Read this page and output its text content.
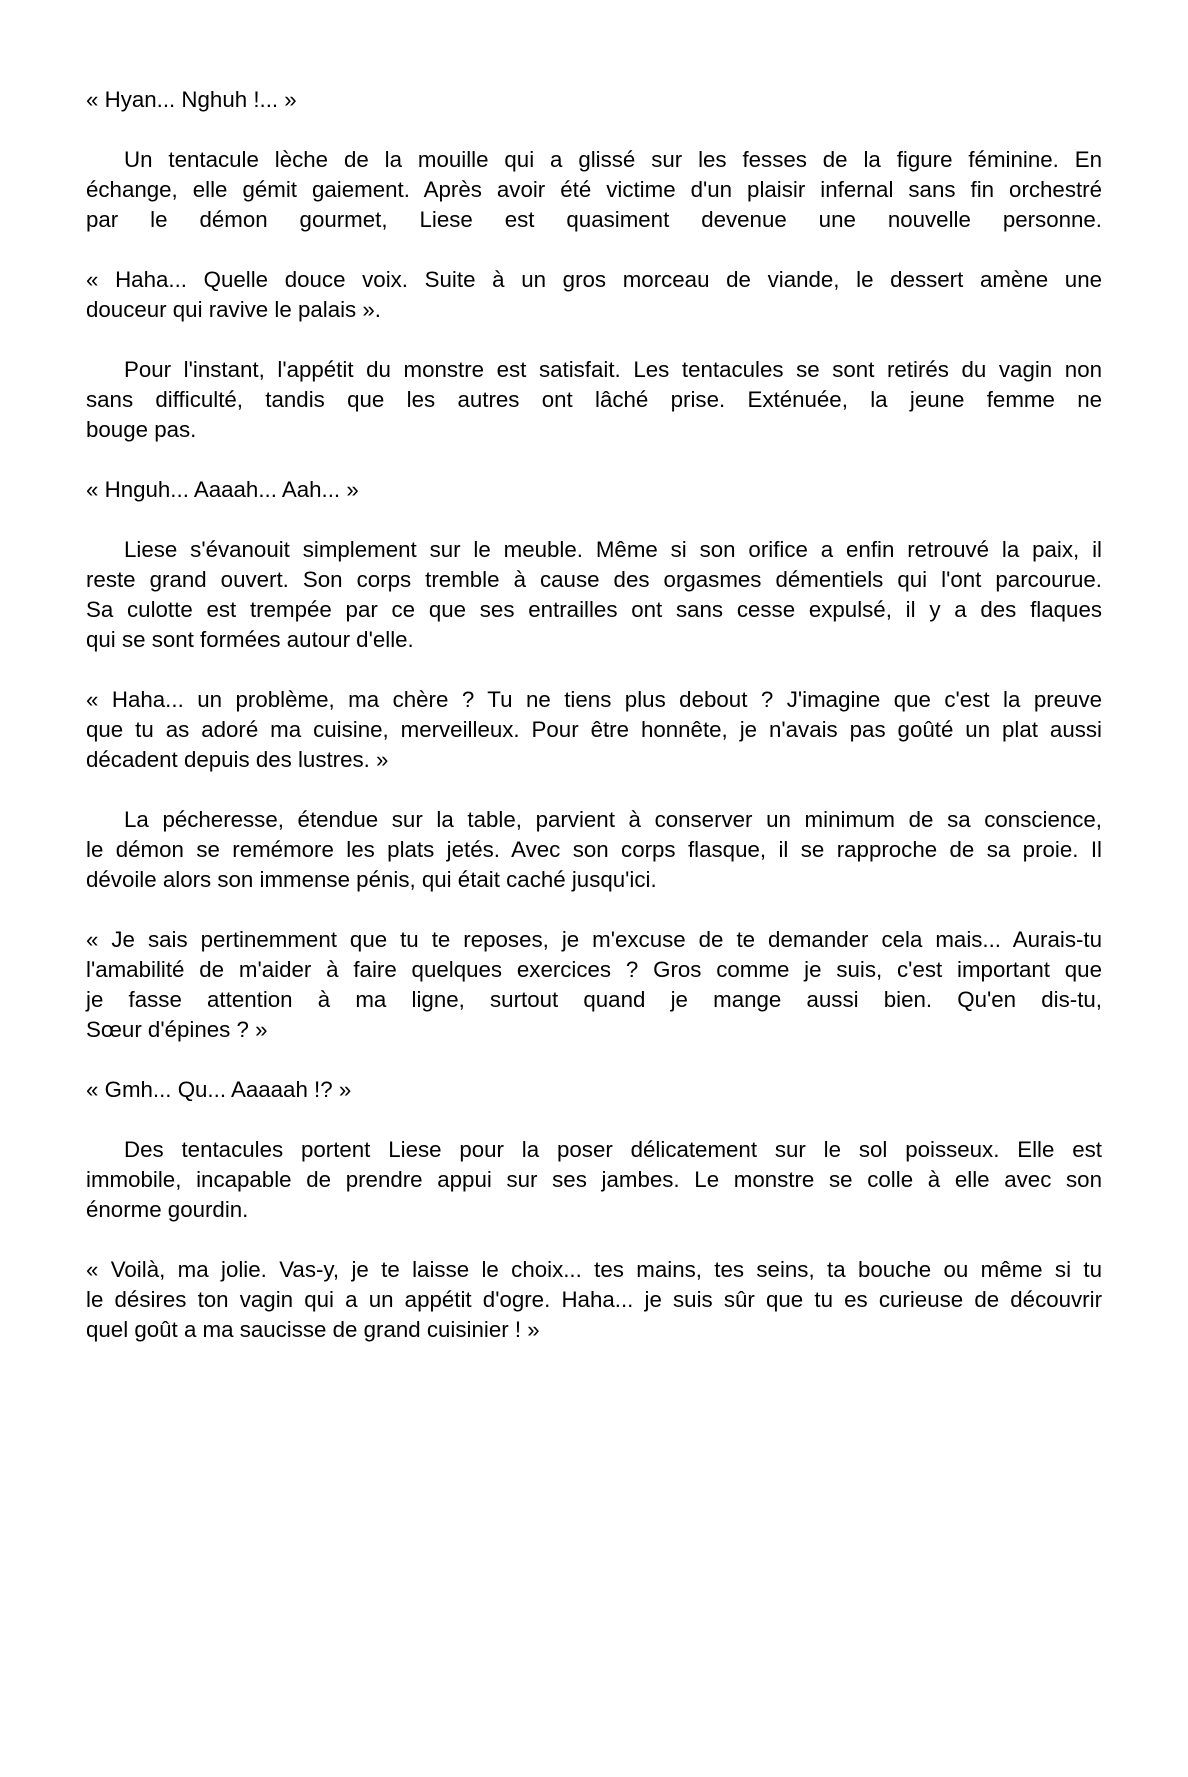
« Hyan... Nghuh !... »

Un tentacule lèche de la mouille qui a glissé sur les fesses de la figure féminine. En
échange, elle gémit gaiement. Après avoir été victime d'un plaisir infernal sans fin orchestré
par le démon gourmet, Liese est quasiment devenue une nouvelle personne.

« Haha... Quelle douce voix. Suite à un gros morceau de viande, le dessert amène une
douceur qui ravive le palais ».

Pour l'instant, l'appétit du monstre est satisfait. Les tentacules se sont retirés du vagin non
sans difficulté, tandis que les autres ont lâché prise. Exténuée, la jeune femme ne
bouge pas.

« Hnguh... Aaaah... Aah... »

Liese s'évanouit simplement sur le meuble. Même si son orifice a enfin retrouvé la paix, il
reste grand ouvert. Son corps tremble à cause des orgasmes démentiels qui l'ont parcourue.
Sa culotte est trempée par ce que ses entrailles ont sans cesse expulsé, il y a des flaques
qui se sont formées autour d'elle.

« Haha... un problème, ma chère ? Tu ne tiens plus debout ? J'imagine que c'est la preuve
que tu as adoré ma cuisine, merveilleux. Pour être honnête, je n'avais pas goûté un plat aussi
décadent depuis des lustres. »

La pécheresse, étendue sur la table, parvient à conserver un minimum de sa conscience,
le démon se remémore les plats jetés. Avec son corps flasque, il se rapproche de sa proie. Il
dévoile alors son immense pénis, qui était caché jusqu'ici.

« Je sais pertinemment que tu te reposes, je m'excuse de te demander cela mais... Aurais-tu
l'amabilité de m'aider à faire quelques exercices ? Gros comme je suis, c'est important que
je fasse attention à ma ligne, surtout quand je mange aussi bien. Qu'en dis-tu,
Sœur d'épines ? »

« Gmh... Qu... Aaaaah !? »

Des tentacules portent Liese pour la poser délicatement sur le sol poisseux. Elle est
immobile, incapable de prendre appui sur ses jambes. Le monstre se colle à elle avec son
énorme gourdin.

« Voilà, ma jolie. Vas-y, je te laisse le choix... tes mains, tes seins, ta bouche ou même si tu
le désires ton vagin qui a un appétit d'ogre. Haha... je suis sûr que tu es curieuse de découvrir
quel goût a ma saucisse de grand cuisinier ! »
